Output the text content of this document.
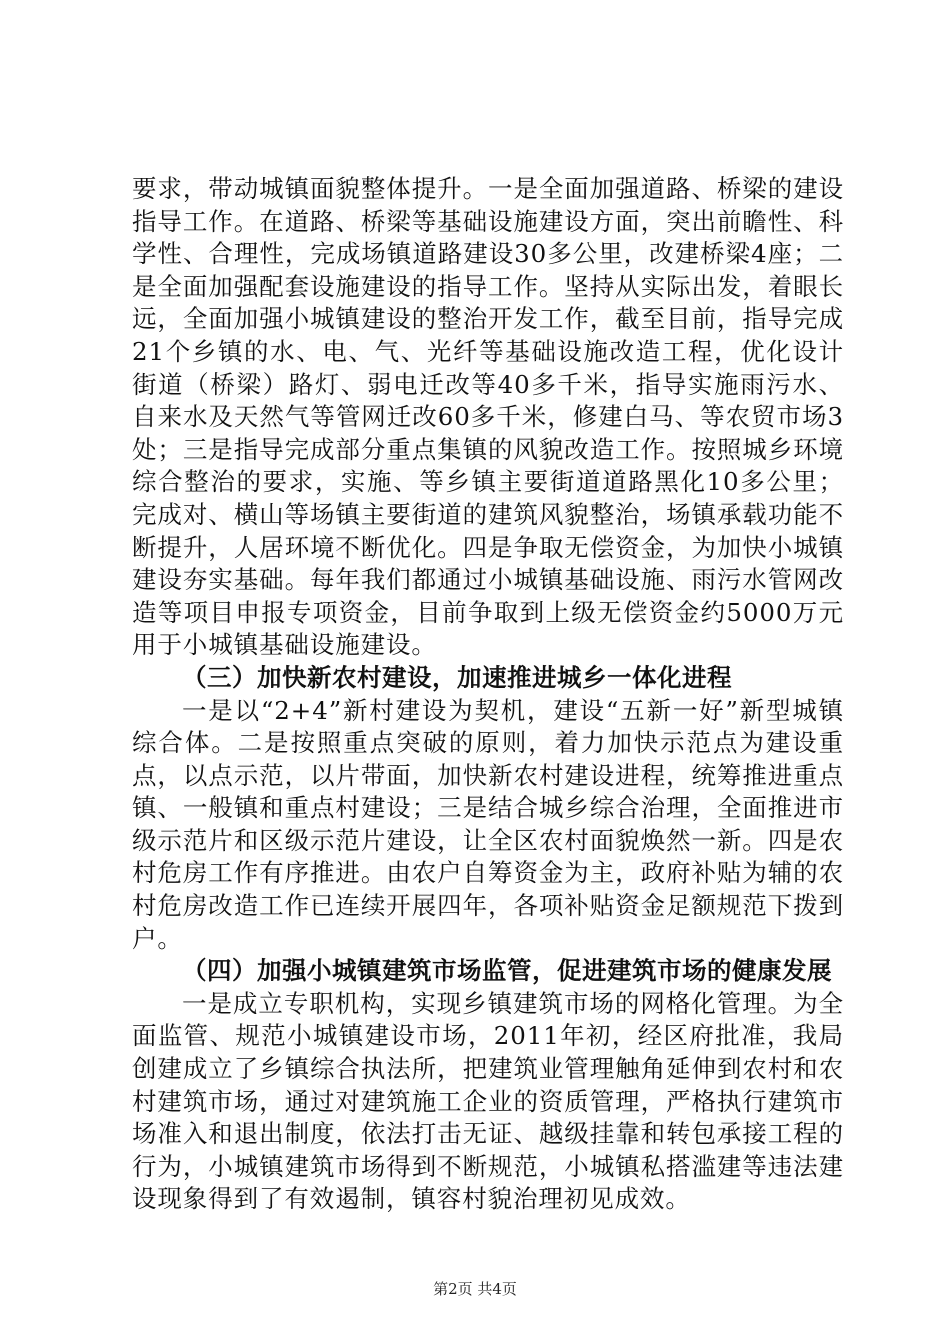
要求，带动城镇面貌整体提升。一是全面加强道路、桥梁的建设指导工作。在道路、桥梁等基础设施建设方面，突出前瞻性、科学性、合理性，完成场镇道路建设30多公里，改建桥梁4座；二是全面加强配套设施建设的指导工作。坚持从实际出发，着眼长远，全面加强小城镇建设的整治开发工作，截至目前，指导完成21个乡镇的水、电、气、光纤等基础设施改造工程，优化设计街道（桥梁）路灯、弱电迁改等40多千米，指导实施雨污水、自来水及天然气等管网迁改60多千米，修建白马、等农贸市场3处；三是指导完成部分重点集镇的风貌改造工作。按照城乡环境综合整治的要求，实施、等乡镇主要街道道路黑化10多公里；完成对、横山等场镇主要街道的建筑风貌整治，场镇承载功能不断提升，人居环境不断优化。四是争取无偿资金，为加快小城镇建设夯实基础。每年我们都通过小城镇基础设施、雨污水管网改造等项目申报专项资金，目前争取到上级无偿资金约5000万元用于小城镇基础设施建设。

（三）加快新农村建设，加速推进城乡一体化进程

一是以“2+4”新村建设为契机，建设“五新一好”新型城镇综合体。二是按照重点突破的原则，着力加快示范点为建设重点，以点示范，以片带面，加快新农村建设进程，统筹推进重点镇、一般镇和重点村建设；三是结合城乡综合治理，全面推进市级示范片和区级示范片建设，让全区农村面貌焕然一新。四是农村危房工作有序推进。由农户自筹资金为主，政府补贴为辅的农村危房改造工作已连续开展四年，各项补贴资金足额规范下拨到户。

（四）加强小城镇建筑市场监管，促进建筑市场的健康发展

一是成立专职机构，实现乡镇建筑市场的网格化管理。为全面监管、规范小城镇建设市场，2011年初，经区府批准，我局创建成立了乡镇综合执法所，把建筑业管理触角延伸到农村和农村建筑市场，通过对建筑施工企业的资质管理，严格执行建筑市场准入和退出制度，依法打击无证、越级挂靠和转包承接工程的行为，小城镇建筑市场得到不断规范，小城镇私搭滥建等违法建设现象得到了有效遏制，镇容村貌治理初见成效。

第2页 共4页
